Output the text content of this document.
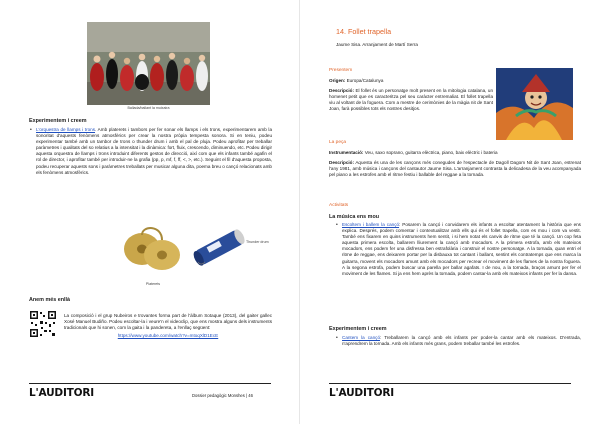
Ballada/ballant la muixaira
Experimentem i creem
• L'orquestra de llamps i trons. Amb platerets i tambors per fer sonar els llamps i els trons, experimentarem amb la sonoritat d'aquests fenòmens atmosfèrics per crear la nostra pròpia tempesta sonora. Si en teniu, podeu experimentar també amb un tambor de trons o thunder drum i amb el pal de pluja. Podeu aprofitar per treballar paràmetres i qualitats del so relatius a la intensitat i la dinàmica: fort, fluix, crescendo, diminuendo, etc. Podeu dirigir aquesta orquestra de llamps i trons introduint diferents gestos de direcció, així com que els infants també agafin el rol de director, i aprofitar també per introduir-ne la grafia (pp, p, mf, f, ff, <, >, etc.). Seguint el fil d'aquesta proposta, podeu recuperar aquests sons i paràmetres treballats per musicar alguna dita, poema breu o cançó relacionats amb els fenòmens atmosfèrics.
Platerets
Thunder drum
Anem més enllà
La composició i el grup Nubeiros e trovantes forma part de l'àlbum Sotaque (2013), del gaiter gallec Xosé Manuel Budiño. Podeu escoltar-la i veure'n el videoclip, que ens mostra alguns dels instruments tradicionals que hi sonen, com la gaita i la pandereta, a l'enllaç següent:
https://www.youtube.com/watch?v=mtoqXlD1EcE
L'AUDITORI	Dossier pedagògic Monshes | 46
14. Follet trapella
Jaume Sisa. Arranjament de Martí Serra
Presentem
Origen: Europa/Catalunya
Descripció: El follet és un personatge molt present en la mitologia catalana, un homenet petit que es caracteritza pel seu caràcter entremaliat. El follet trapella viu al voltant de la foguera. Com a mestre de cerimònies de la màgia nit de Sant Joan, farà possibles tots els nostres desitjos.
La peça
Instrumentació: Veu, saxo soprano, guitarra elèctrica, piano, baix elèctric i bateria
Descripció: Aquesta és una de les cançons més conegudes de l'espectacle de Dagoll Dagom Nit de Sant Joan, estrenat l'any 1981, amb música i cançons del cantautor Jaume Sisa. L'arranjament contrasta la delicadesa de la veu acompanyada pel piano a les estrofes amb el ritme festiu i ballable del reggae a la tornada.
Activitats
La música ens mou
• Escoltem i ballem la cançó: Posarem la cançó i convidarem els infants a escoltar atentament la història que ens explica. Després, podem comentar i contextualitzar amb ells qui és el follet trapella, com es mou i com va vestit. També ens fixarem en quins instruments hem sentit, i si hem notat els canvis de ritme que té la cançó. Un cop feta aquesta primera escolta, ballarem lliurement la cançó amb mocadors. A la primera estrofa, amb els mateixos mocadors, ens podem fer una disfressa ben estrafolària i construir el nostre personatge. A la tornada, quan entri el ritme de reggae, ens deixarem portar per la disbauxa tot cantant i ballant, sentint els contratemps que ens marca la guitarra, movent els mocadors amunt amb els mocadors per recrear el moviment de les flames de la nostra foguera. A la segona estrofa, podem buscar una parella per ballar agafats. I de nou, a la tornada, braços amunt per fer el moviment de les flames. Si ja ens hem après la tornada, podem cantar-la amb els mateixos infants per fer la dansa.
Experimentem i creem
• Cantem la cançó: Treballarem la cançó amb els infants per poder-la cantar amb els mateixos. D'entrada, n'aprendrem la tornada. Amb els infants més grans, podem treballar també les estrofes.
L'AUDITORI
